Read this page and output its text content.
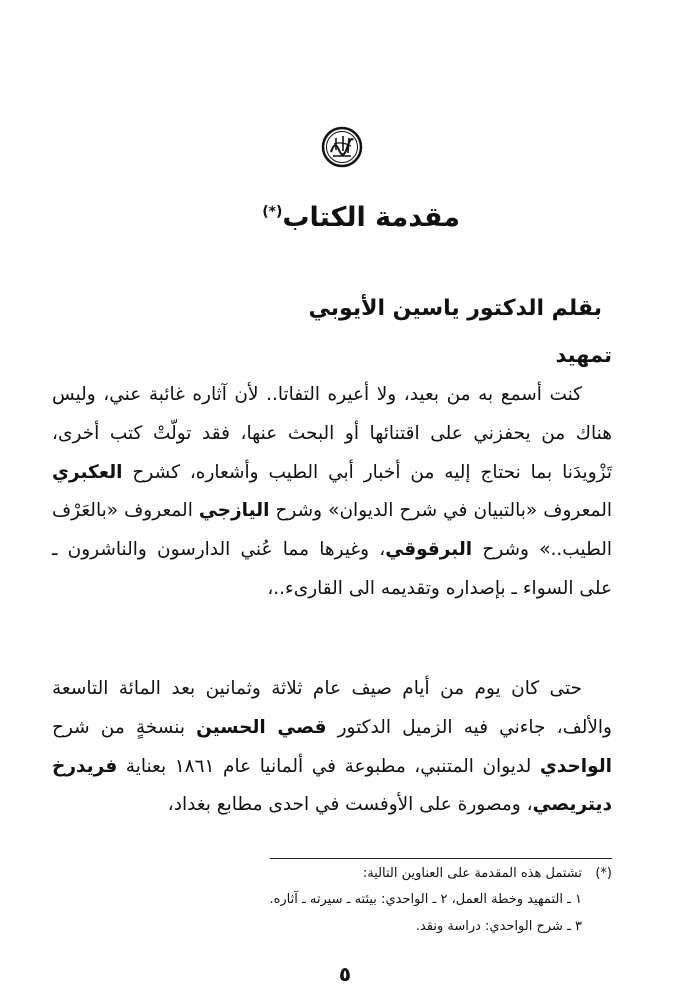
مقدمة الكتاب(*)
بقلم الدكتور ياسين الأيوبي
تمهيد
كنت أسمع به من بعيد، ولا أعيره التفاتا.. لأن آثاره غائبة عني، وليس هناك من يحفزني على اقتنائها أو البحث عنها، فقد تولّتْ كتب أخرى، تَزْويدَنا بما نحتاج إليه من أخبار أبي الطيب وأشعاره، كشرح العكبري المعروف «بالتبيان في شرح الديوان» وشرح اليازجي المعروف «بالعَرْف الطيب..» وشرح البرقوقي، وغيرها مما عُني الدارسون والناشرون ـ على السواء ـ بإصداره وتقديمه الى القارىء..،
حتى كان يوم من أيام صيف عام ثلاثة وثمانين بعد المائة التاسعة والألف، جاءني فيه الزميل الدكتور قصي الحسين بنسخةٍ من شرح الواحدي لديوان المتنبي، مطبوعة في ألمانيا عام ١٨٦١ بعناية فريدرخ ديتريصي، ومصورة على الأوفست في احدى مطابع بغداد،
(*)تشتمل هذه المقدمة على العناوين التالية:
١ ـ التمهيد وخطة العمل، ٢ ـ الواحدي: بيئته ـ سيرته ـ آثاره.
٣ ـ شرح الواحدي: دراسة ونقد.
٥
